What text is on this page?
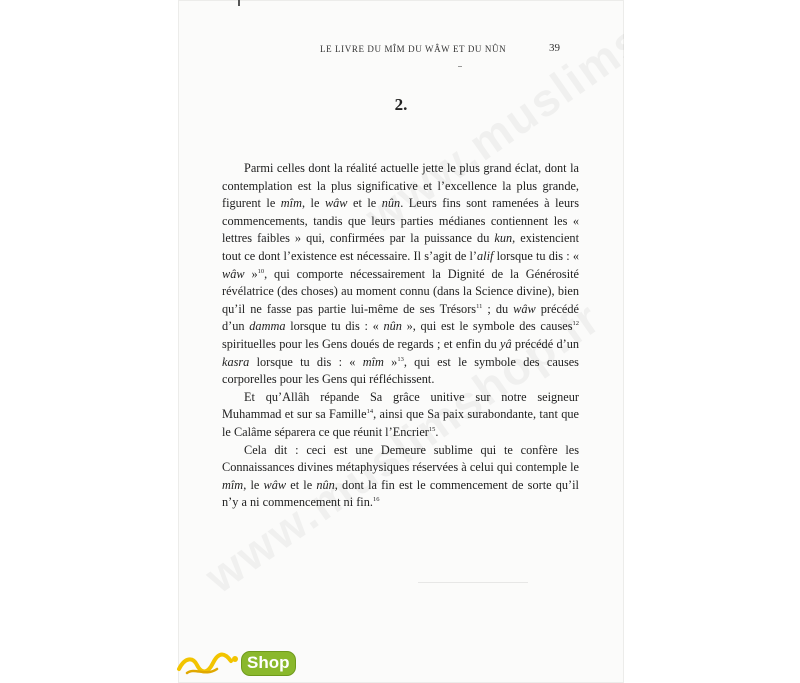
LE LIVRE DU MÎM DU WÂW ET DU NÛN	39
2.

Parmi celles dont la réalité actuelle jette le plus grand éclat, dont la contemplation est la plus significative et l’excellence la plus grande, figurent le mîm, le wâw et le nûn. Leurs fins sont ramenées à leurs commencements, tandis que leurs parties médianes contiennent les « lettres faibles » qui, confirmées par la puissance du kun, existencient tout ce dont l’existence est nécessaire. Il s’agit de l’alif lorsque tu dis : « wâw »$^{10}$, qui comporte nécessairement la Dignité de la Générosité révélatrice (des choses) au moment connu (dans la Science divine), bien qu’il ne fasse pas partie lui-même de ses Trésors$^{11}$ ; du wâw précédé d’un damma lorsque tu dis : « nûn », qui est le symbole des causes$^{12}$ spirituelles pour les Gens doués de regards ; et enfin du yâ précédé d’un kasra lorsque tu dis : « mîm »$^{13}$, qui est le symbole des causes corporelles pour les Gens qui réfléchissent.

Et qu’Allâh répande Sa grâce unitive sur notre seigneur Muhammad et sur sa Famille$^{14}$, ainsi que Sa paix surabondante, tant que le Calâme séparera ce que réunit l’Encrier$^{15}$.

Cela dit : ceci est une Demeure sublime qui te confère les Connaissances divines métaphysiques réservées à celui qui contemple le mîm, le wâw et le nûn, dont la fin est le commencement de sorte qu’il n’y a ni commencement ni fin.$^{16}$

Shop
